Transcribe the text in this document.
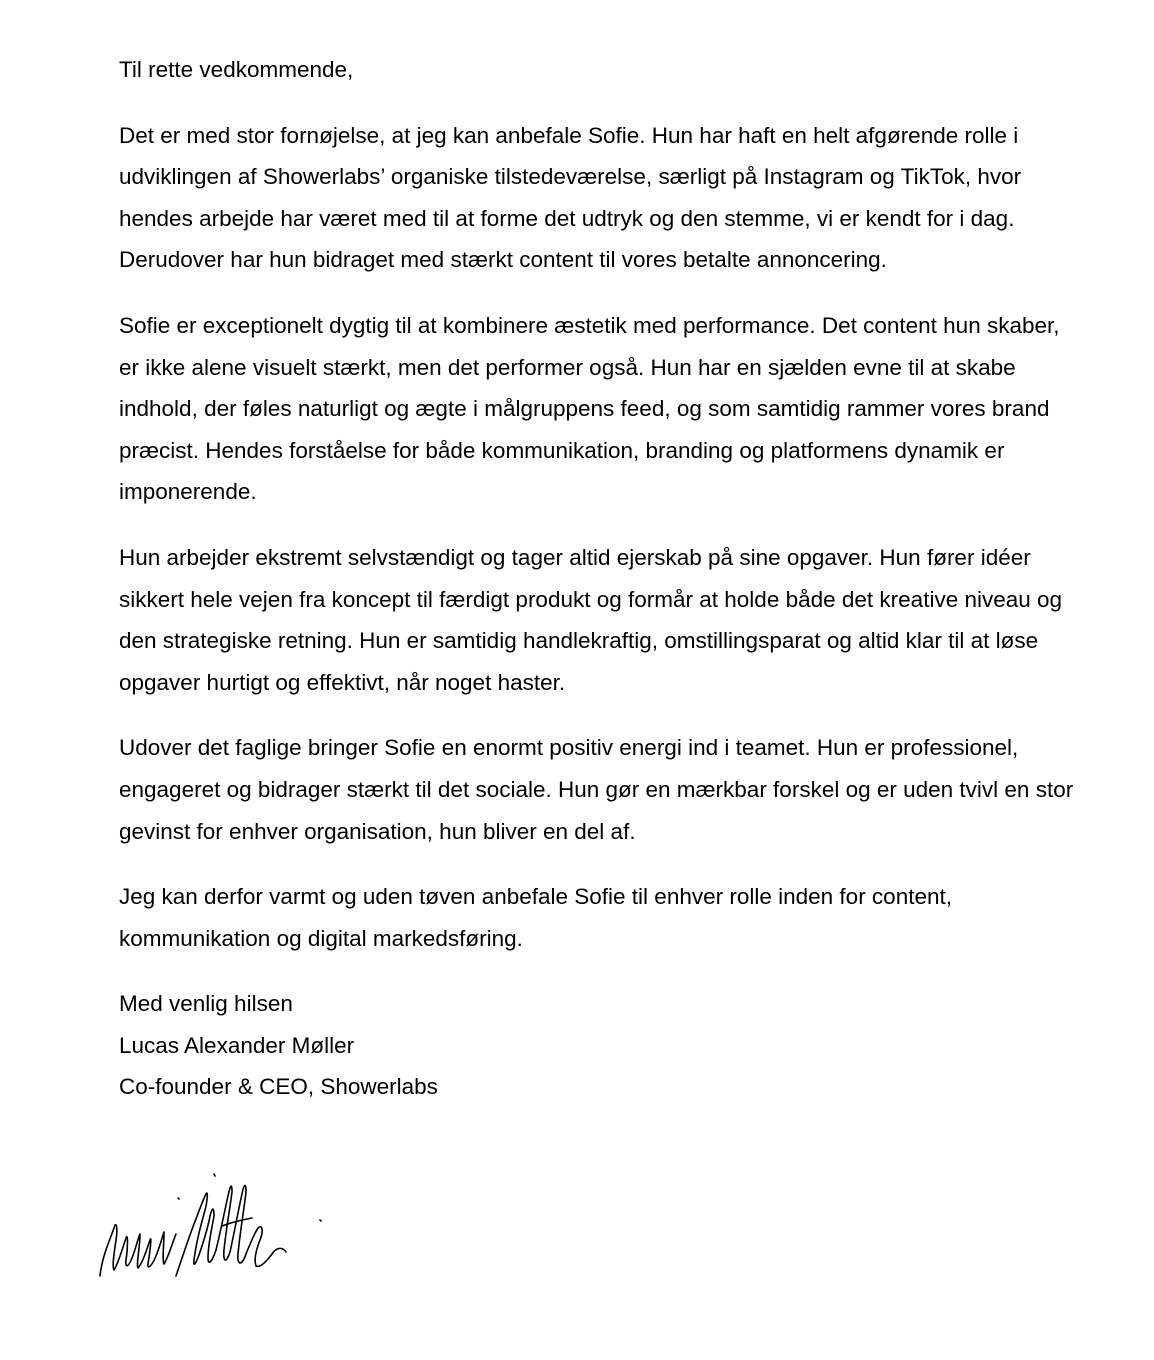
Til rette vedkommende,

Det er med stor fornøjelse, at jeg kan anbefale Sofie. Hun har haft en helt afgørende rolle i udviklingen af Showerlabs’ organiske tilstedeværelse, særligt på Instagram og TikTok, hvor hendes arbejde har været med til at forme det udtryk og den stemme, vi er kendt for i dag. Derudover har hun bidraget med stærkt content til vores betalte annoncering.

Sofie er exceptionelt dygtig til at kombinere æstetik med performance. Det content hun skaber, er ikke alene visuelt stærkt, men det performer også. Hun har en sjælden evne til at skabe indhold, der føles naturligt og ægte i målgruppens feed, og som samtidig rammer vores brand præcist. Hendes forståelse for både kommunikation, branding og platformens dynamik er imponerende.

Hun arbejder ekstremt selvstændigt og tager altid ejerskab på sine opgaver. Hun fører idéer sikkert hele vejen fra koncept til færdigt produkt og formår at holde både det kreative niveau og den strategiske retning. Hun er samtidig handlekraftig, omstillingsparat og altid klar til at løse opgaver hurtigt og effektivt, når noget haster.

Udover det faglige bringer Sofie en enormt positiv energi ind i teamet. Hun er professionel, engageret og bidrager stærkt til det sociale. Hun gør en mærkbar forskel og er uden tvivl en stor gevinst for enhver organisation, hun bliver en del af.

Jeg kan derfor varmt og uden tøven anbefale Sofie til enhver rolle inden for content, kommunikation og digital markedsføring.

Med venlig hilsen
Lucas Alexander Møller
Co-founder & CEO, Showerlabs
